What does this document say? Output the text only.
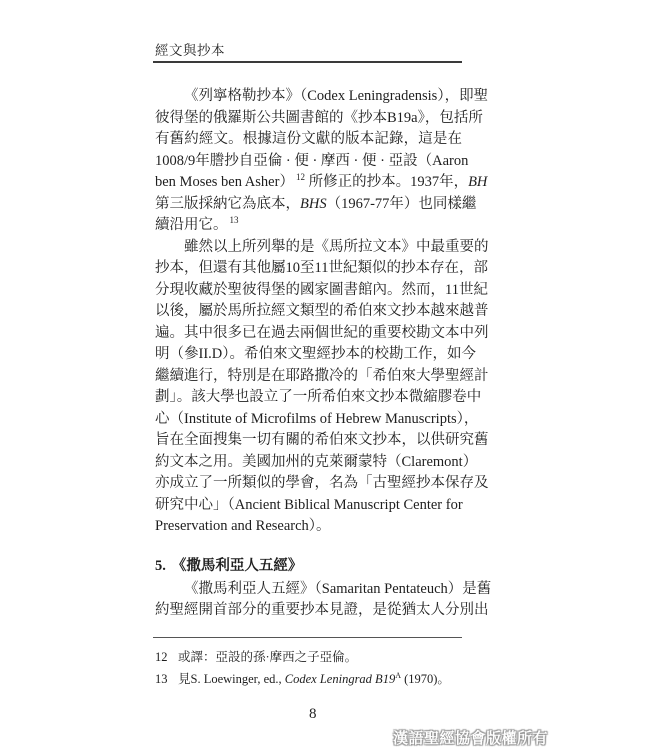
經文與抄本
《列寧格勒抄本》（Codex Leningradensis），即聖
彼得堡的俄羅斯公共圖書館的《抄本B19a》，包括所
有舊約經文。根據這份文獻的版本記錄，這是在
1008/9年謄抄自亞倫 · 便 · 摩西 · 便 · 亞設（Aaron
ben Moses ben Asher） $^{12}$ 所修正的抄本。1937年，BH
第三版採納它為底本，BHS（1967-77年）也同樣繼
續沿用它。 $^{13}$
雖然以上所列舉的是《馬所拉文本》中最重要的
抄本，但還有其他屬10至11世紀類似的抄本存在，部
分現收藏於聖彼得堡的國家圖書館內。然而，11世紀
以後，屬於馬所拉經文類型的希伯來文抄本越來越普
遍。其中很多已在過去兩個世紀的重要校勘文本中列
明（參II.D）。希伯來文聖經抄本的校勘工作，如今
繼續進行，特別是在耶路撒冷的「希伯來大學聖經計
劃」。該大學也設立了一所希伯來文抄本微縮膠卷中
心（Institute of Microfilms of Hebrew Manuscripts），
旨在全面搜集一切有關的希伯來文抄本，以供研究舊
約文本之用。美國加州的克萊爾蒙特（Claremont）
亦成立了一所類似的學會，名為「古聖經抄本保存及
研究中心」（Ancient Biblical Manuscript Center for
Preservation and Research）。
5. 《撒馬利亞人五經》
《撒馬利亞人五經》（Samaritan Pentateuch）是舊
約聖經開首部分的重要抄本見證，是從猶太人分別出
12 或譯：亞設的孫·摩西之子亞倫。
13 見S. Loewinger, ed., Codex Leningrad $B19^A$ (1970)。
8
漢語聖經協會版權所有
